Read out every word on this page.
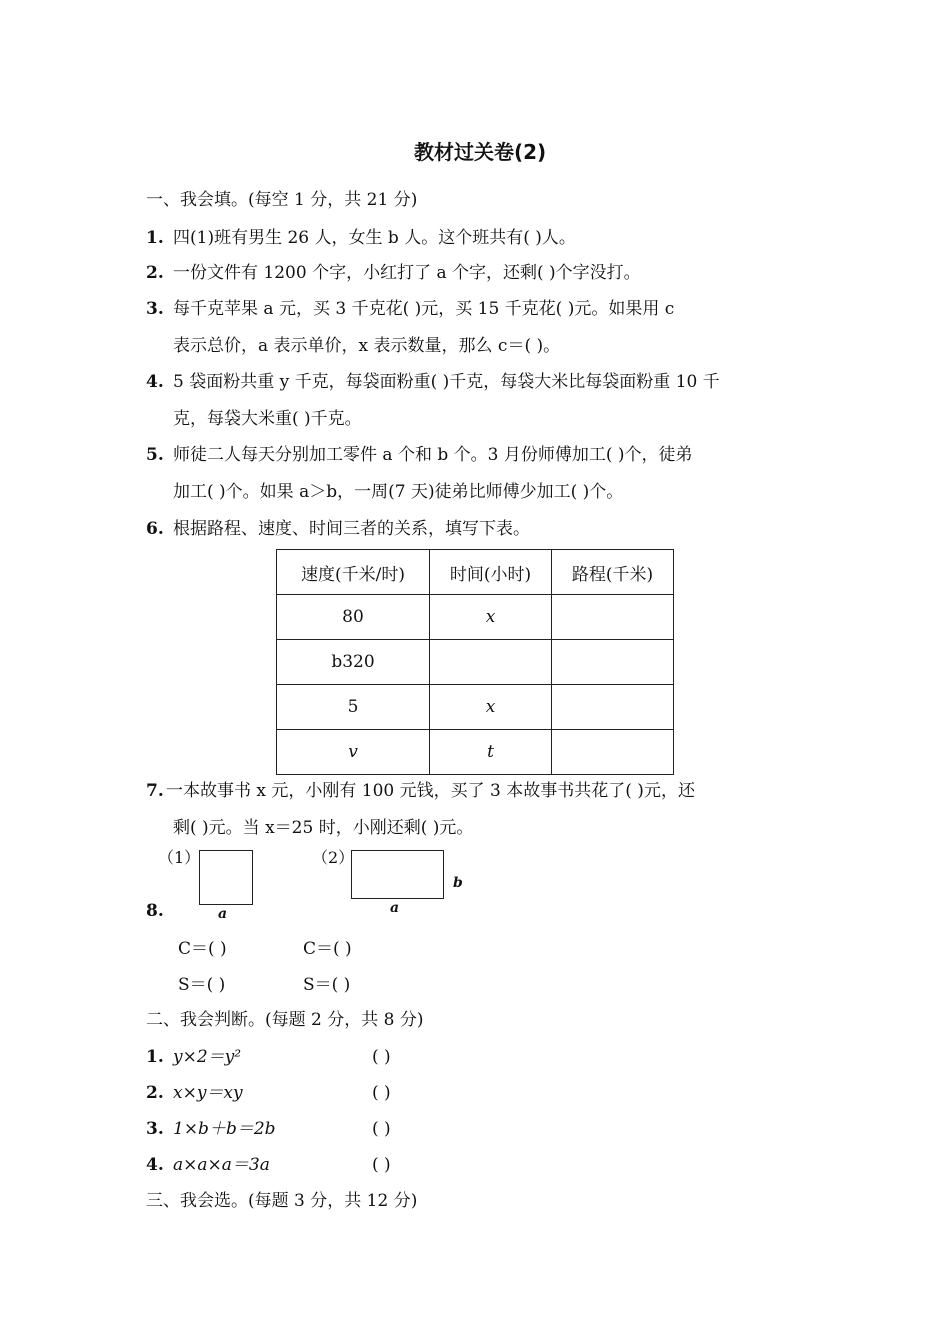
教材过关卷(2)
一、我会填。(每空 1 分，共 21 分)
1. 四(1)班有男生 26 人，女生 b 人。这个班共有( )人。
2. 一份文件有 1200 个字，小红打了 a 个字，还剩( )个字没打。
3. 每千克苹果 a 元，买 3 千克花( )元，买 15 千克花( )元。如果用 c
表示总价，a 表示单价，x 表示数量，那么 c＝( )。
4. 5 袋面粉共重 y 千克，每袋面粉重( )千克，每袋大米比每袋面粉重 10 千
克，每袋大米重( )千克。
5. 师徒二人每天分别加工零件 a 个和 b 个。3 月份师傅加工( )个，徒弟
加工( )个。如果 a＞b，一周(7 天)徒弟比师傅少加工( )个。
6. 根据路程、速度、时间三者的关系，填写下表。
速度(千米/时)	时间(小时)	路程(千米)
80	x	
b320		
5	x	
v	t	
7. 一本故事书 x 元，小刚有 100 元钱，买了 3 本故事书共花了( )元，还
剩( )元。当 x＝25 时，小刚还剩( )元。
（1）
a
（2）
a
b
8.
C＝( )	C＝( )
S＝( )	S＝( )
二、我会判断。(每题 2 分，共 8 分)
1. y×2＝y²	( )
2. x×y＝xy	( )
3. 1×b＋b＝2b	( )
4. a×a×a＝3a	( )
三、我会选。(每题 3 分，共 12 分)
